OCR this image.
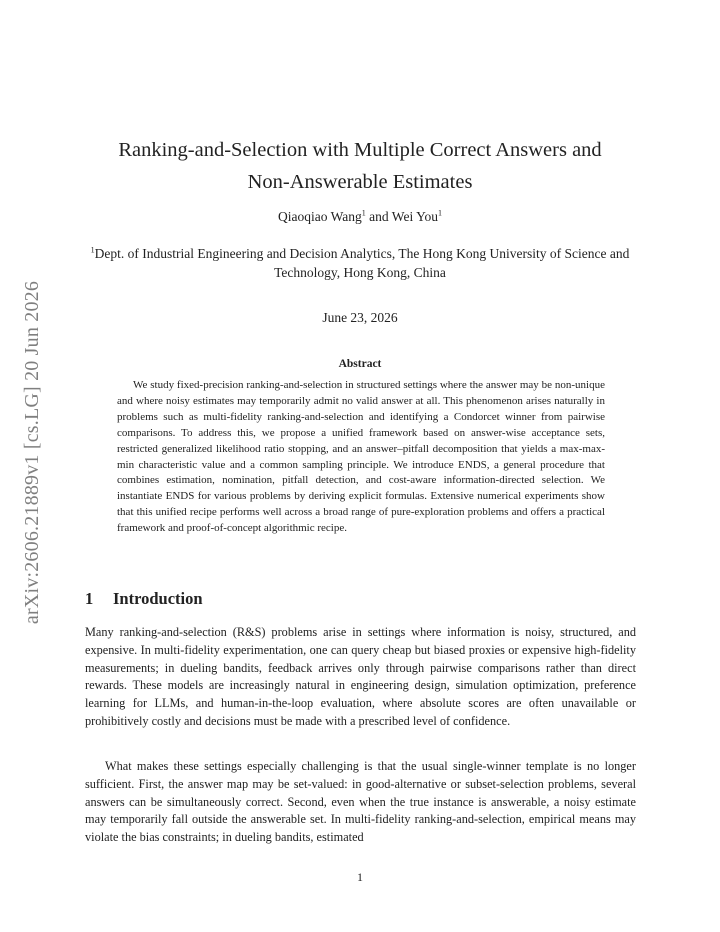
arXiv:2606.21889v1 [cs.LG] 20 Jun 2026
Ranking-and-Selection with Multiple Correct Answers and
Non-Answerable Estimates
Qiaoqiao Wang$^1$ and Wei You$^1$
$^1$Dept. of Industrial Engineering and Decision Analytics, The Hong Kong University of Science and Technology, Hong Kong, China
June 23, 2026
Abstract

We study fixed-precision ranking-and-selection in structured settings where the answer may be non-unique and where noisy estimates may temporarily admit no valid answer at all. This phenomenon arises naturally in problems such as multi-fidelity ranking-and-selection and identifying a Condorcet winner from pairwise comparisons. To address this, we propose a unified framework based on answer-wise acceptance sets, restricted generalized likelihood ratio stopping, and an answer–pitfall decomposition that yields a max-max-min characteristic value and a common sampling principle. We introduce ENDS, a general procedure that combines estimation, nomination, pitfall detection, and cost-aware information-directed selection. We instantiate ENDS for various problems by deriving explicit formulas. Extensive numerical experiments show that this unified recipe performs well across a broad range of pure-exploration problems and offers a practical framework and proof-of-concept algorithmic recipe.

1 Introduction

Many ranking-and-selection (R&S) problems arise in settings where information is noisy, structured, and expensive. In multi-fidelity experimentation, one can query cheap but biased proxies or expensive high-fidelity measurements; in dueling bandits, feedback arrives only through pairwise comparisons rather than direct rewards. These models are increasingly natural in engineering design, simulation optimization, preference learning for LLMs, and human-in-the-loop evaluation, where absolute scores are often unavailable or prohibitively costly and decisions must be made with a prescribed level of confidence.

What makes these settings especially challenging is that the usual single-winner template is no longer sufficient. First, the answer map may be set-valued: in good-alternative or subset-selection problems, several answers can be simultaneously correct. Second, even when the true instance is answerable, a noisy estimate may temporarily fall outside the answerable set. In multi-fidelity ranking-and-selection, empirical means may violate the bias constraints; in dueling bandits, estimated

1
